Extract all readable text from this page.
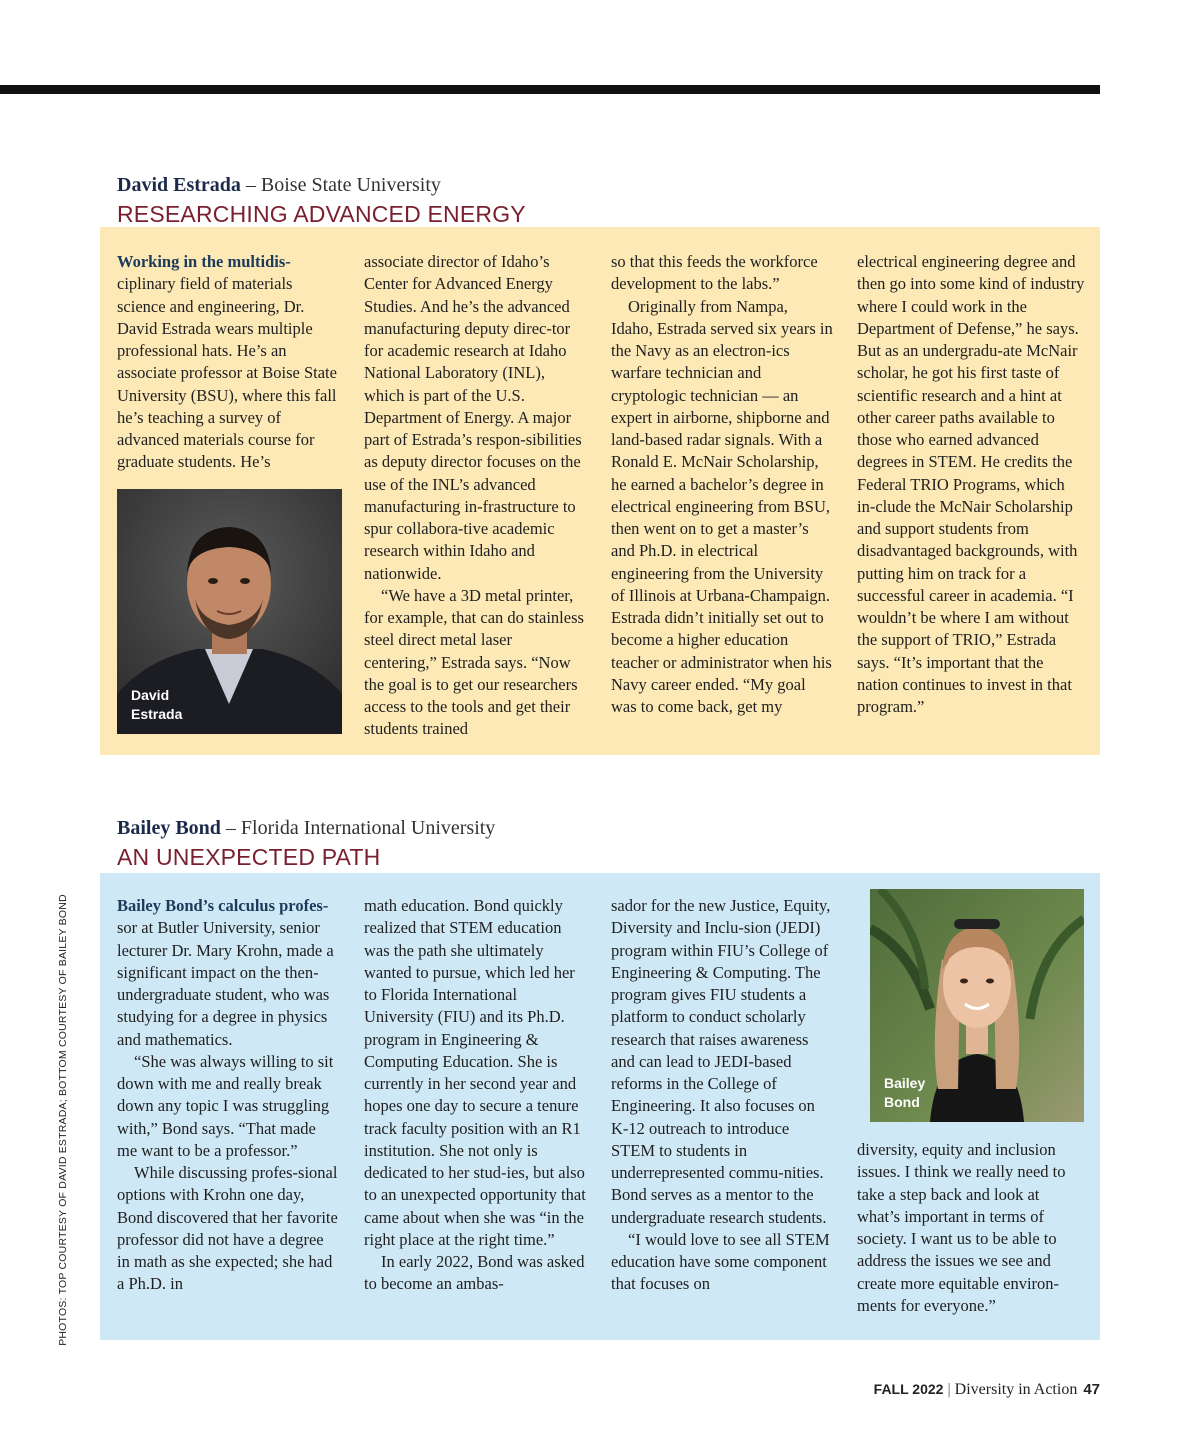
David Estrada – Boise State University
RESEARCHING ADVANCED ENERGY

Working in the multidis-ciplinary field of materials science and engineering, Dr. David Estrada wears multiple professional hats. He’s an associate professor at Boise State University (BSU), where this fall he’s teaching a survey of advanced materials course for graduate students. He’s

David
Estrada

associate director of Idaho’s Center for Advanced Energy Studies. And he’s the advanced manufacturing deputy direc-tor for academic research at Idaho National Laboratory (INL), which is part of the U.S. Department of Energy. A major part of Estrada’s respon-sibilities as deputy director focuses on the use of the INL’s advanced manufacturing in-frastructure to spur collabora-tive academic research within Idaho and nationwide.

“We have a 3D metal printer, for example, that can do stainless steel direct metal laser centering,” Estrada says. “Now the goal is to get our researchers access to the tools and get their students trained

so that this feeds the workforce development to the labs.”

Originally from Nampa, Idaho, Estrada served six years in the Navy as an electron-ics warfare technician and cryptologic technician — an expert in airborne, shipborne and land-based radar signals. With a Ronald E. McNair Scholarship, he earned a bachelor’s degree in electrical engineering from BSU, then went on to get a master’s and Ph.D. in electrical engineering from the University of Illinois at Urbana-Champaign. Estrada didn’t initially set out to become a higher education teacher or administrator when his Navy career ended. “My goal was to come back, get my

electrical engineering degree and then go into some kind of industry where I could work in the Department of Defense,” he says. But as an undergradu-ate McNair scholar, he got his first taste of scientific research and a hint at other career paths available to those who earned advanced degrees in STEM. He credits the Federal TRIO Programs, which in-clude the McNair Scholarship and support students from disadvantaged backgrounds, with putting him on track for a successful career in academia. “I wouldn’t be where I am without the support of TRIO,” Estrada says. “It’s important that the nation continues to invest in that program.”

Bailey Bond – Florida International University
AN UNEXPECTED PATH

Bailey Bond’s calculus profes-sor at Butler University, senior lecturer Dr. Mary Krohn, made a significant impact on the then-undergraduate student, who was studying for a degree in physics and mathematics.

“She was always willing to sit down with me and really break down any topic I was struggling with,” Bond says. “That made me want to be a professor.”

While discussing profes-sional options with Krohn one day, Bond discovered that her favorite professor did not have a degree in math as she expected; she had a Ph.D. in

math education. Bond quickly realized that STEM education was the path she ultimately wanted to pursue, which led her to Florida International University (FIU) and its Ph.D. program in Engineering & Computing Education. She is currently in her second year and hopes one day to secure a tenure track faculty position with an R1 institution. She not only is dedicated to her stud-ies, but also to an unexpected opportunity that came about when she was “in the right place at the right time.”

In early 2022, Bond was asked to become an ambas-

sador for the new Justice, Equity, Diversity and Inclu-sion (JEDI) program within FIU’s College of Engineering & Computing. The program gives FIU students a platform to conduct scholarly research that raises awareness and can lead to JEDI-based reforms in the College of Engineering. It also focuses on K-12 outreach to introduce STEM to students in underrepresented commu-nities. Bond serves as a mentor to the undergraduate research students.

“I would love to see all STEM education have some component that focuses on

Bailey
Bond

diversity, equity and inclusion issues. I think we really need to take a step back and look at what’s important in terms of society. I want us to be able to address the issues we see and create more equitable environ-ments for everyone.”

PHOTOS: TOP COURTESY OF DAVID ESTRADA; BOTTOM COURTESY OF BAILEY BOND
FALL 2022 | Diversity in Action 47
